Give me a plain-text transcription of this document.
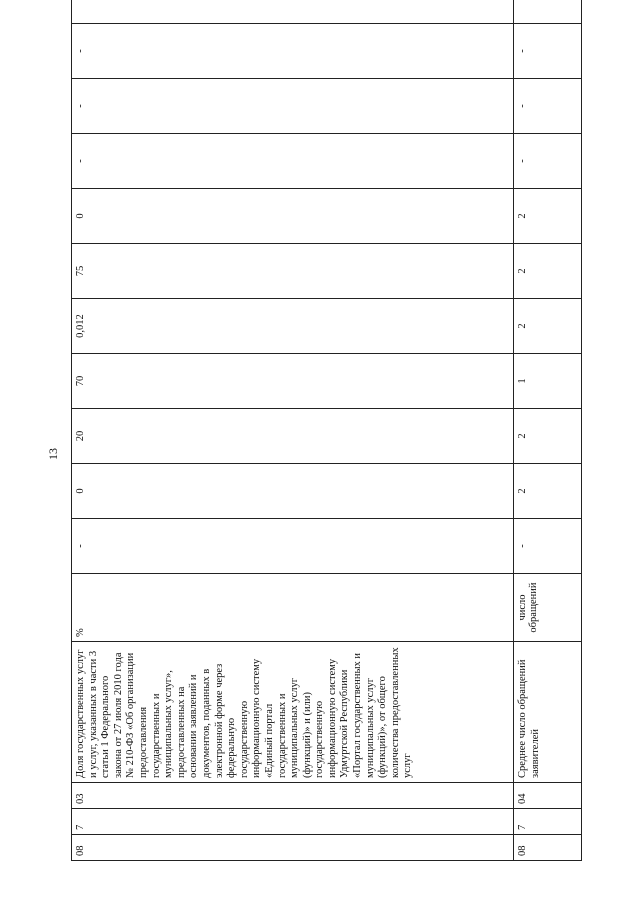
13
08	7	03	Доля государственных услуг и услуг, указанных в части 3 статьи 1 Федерального закона от 27 июля 2010 года № 210-ФЗ «Об организации предоставления государственных и муниципальных услуг», предоставленных на основании заявлений и документов, поданных в электронной форме через федеральную государственную информационную систему «Единый портал государственных и муниципальных услуг (функций)» и (или) государственную информационную систему Удмуртской Республики «Портал государственных и муниципальных услуг (функций)», от общего количества предоставленных услуг	%	-	0	20	70	0,012	75	0	-	-	-	
08	7	04	Среднее число обращений заявителей	число обращений	-	2	2	1	2	2	2	-	-	-	
